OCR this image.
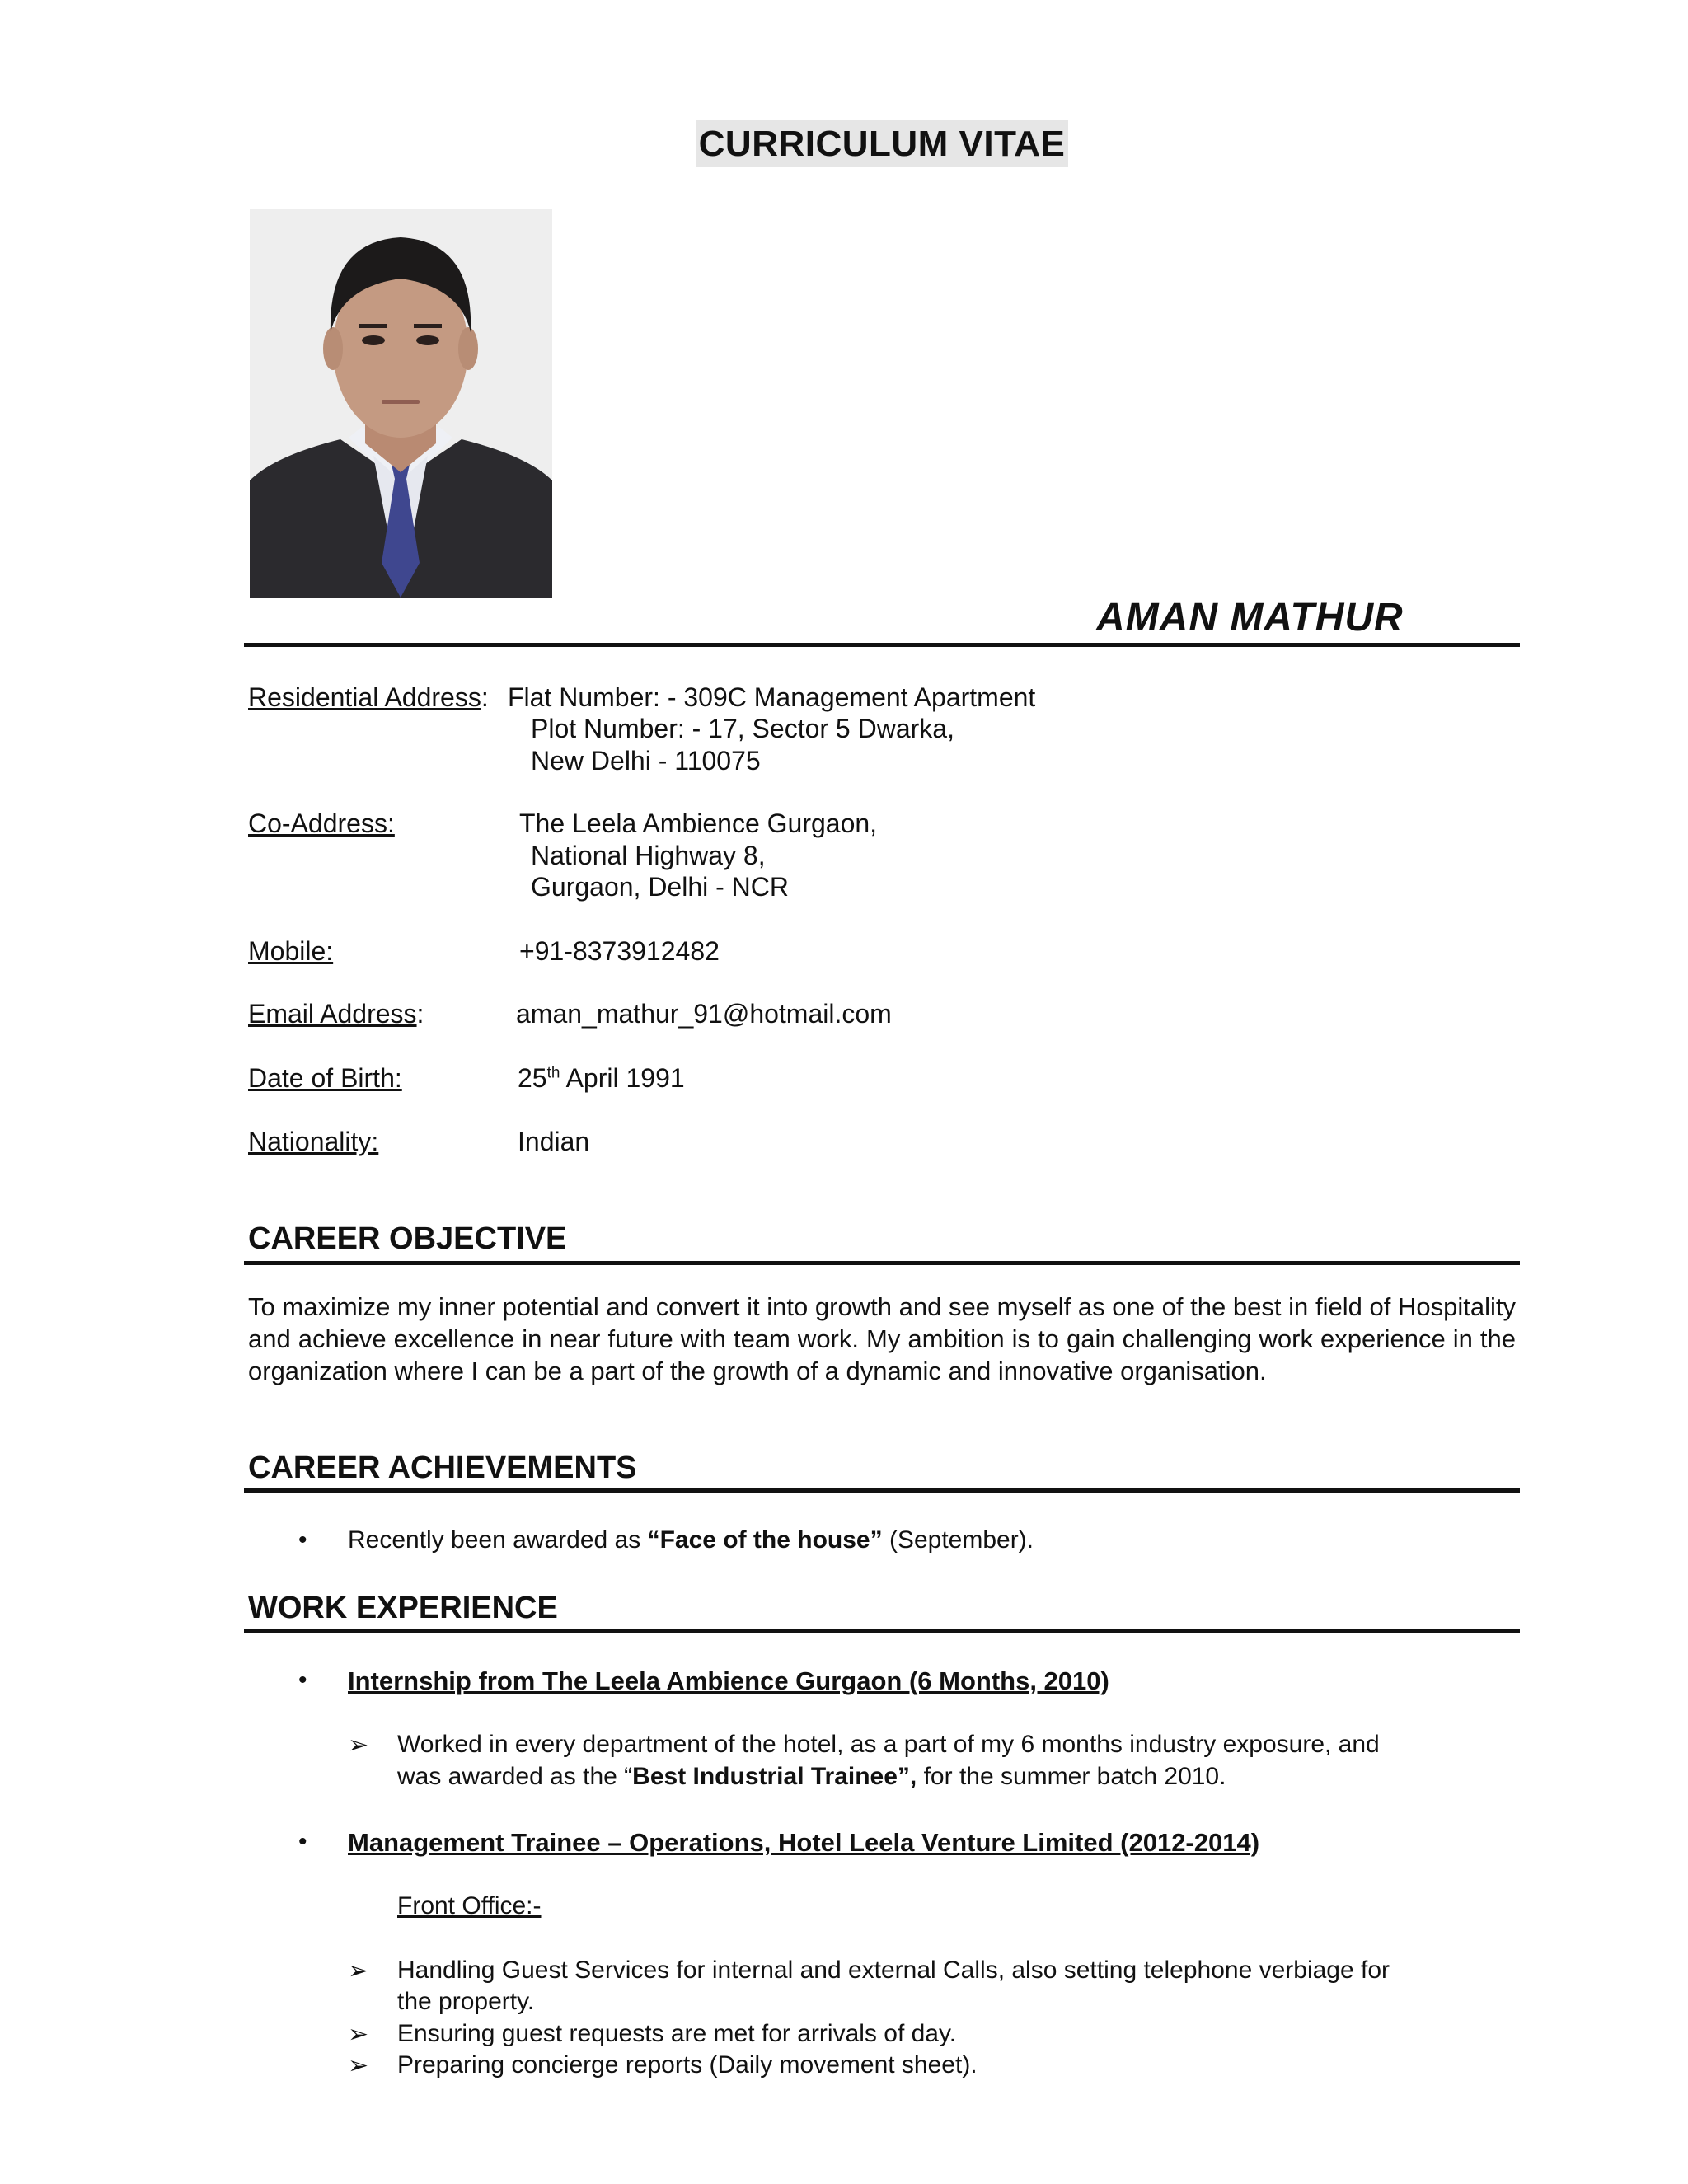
CURRICULUM VITAE
AMAN MATHUR
Residential Address: Flat Number: - 309C Management Apartment
Plot Number: - 17, Sector 5 Dwarka,
New Delhi - 110075
Co-Address:	The Leela Ambience Gurgaon,
National Highway 8,
Gurgaon, Delhi - NCR
Mobile:	+91-8373912482
Email Address:	aman_mathur_91@hotmail.com
Date of Birth:	25th April 1991
Nationality:	Indian
CAREER OBJECTIVE
To maximize my inner potential and convert it into growth and see myself as one of the best in field of Hospitality and achieve excellence in near future with team work. My ambition is to gain challenging work experience in the organization where I can be a part of the growth of a dynamic and innovative organisation.
CAREER ACHIEVEMENTS
• Recently been awarded as “Face of the house” (September).
WORK EXPERIENCE
• Internship from The Leela Ambience Gurgaon (6 Months, 2010)
➢ Worked in every department of the hotel, as a part of my 6 months industry exposure, and
was awarded as the “Best Industrial Trainee”, for the summer batch 2010.
• Management Trainee – Operations, Hotel Leela Venture Limited (2012-2014)
Front Office:-
➢ Handling Guest Services for internal and external Calls, also setting telephone verbiage for
the property.
➢ Ensuring guest requests are met for arrivals of day.
➢ Preparing concierge reports (Daily movement sheet).
